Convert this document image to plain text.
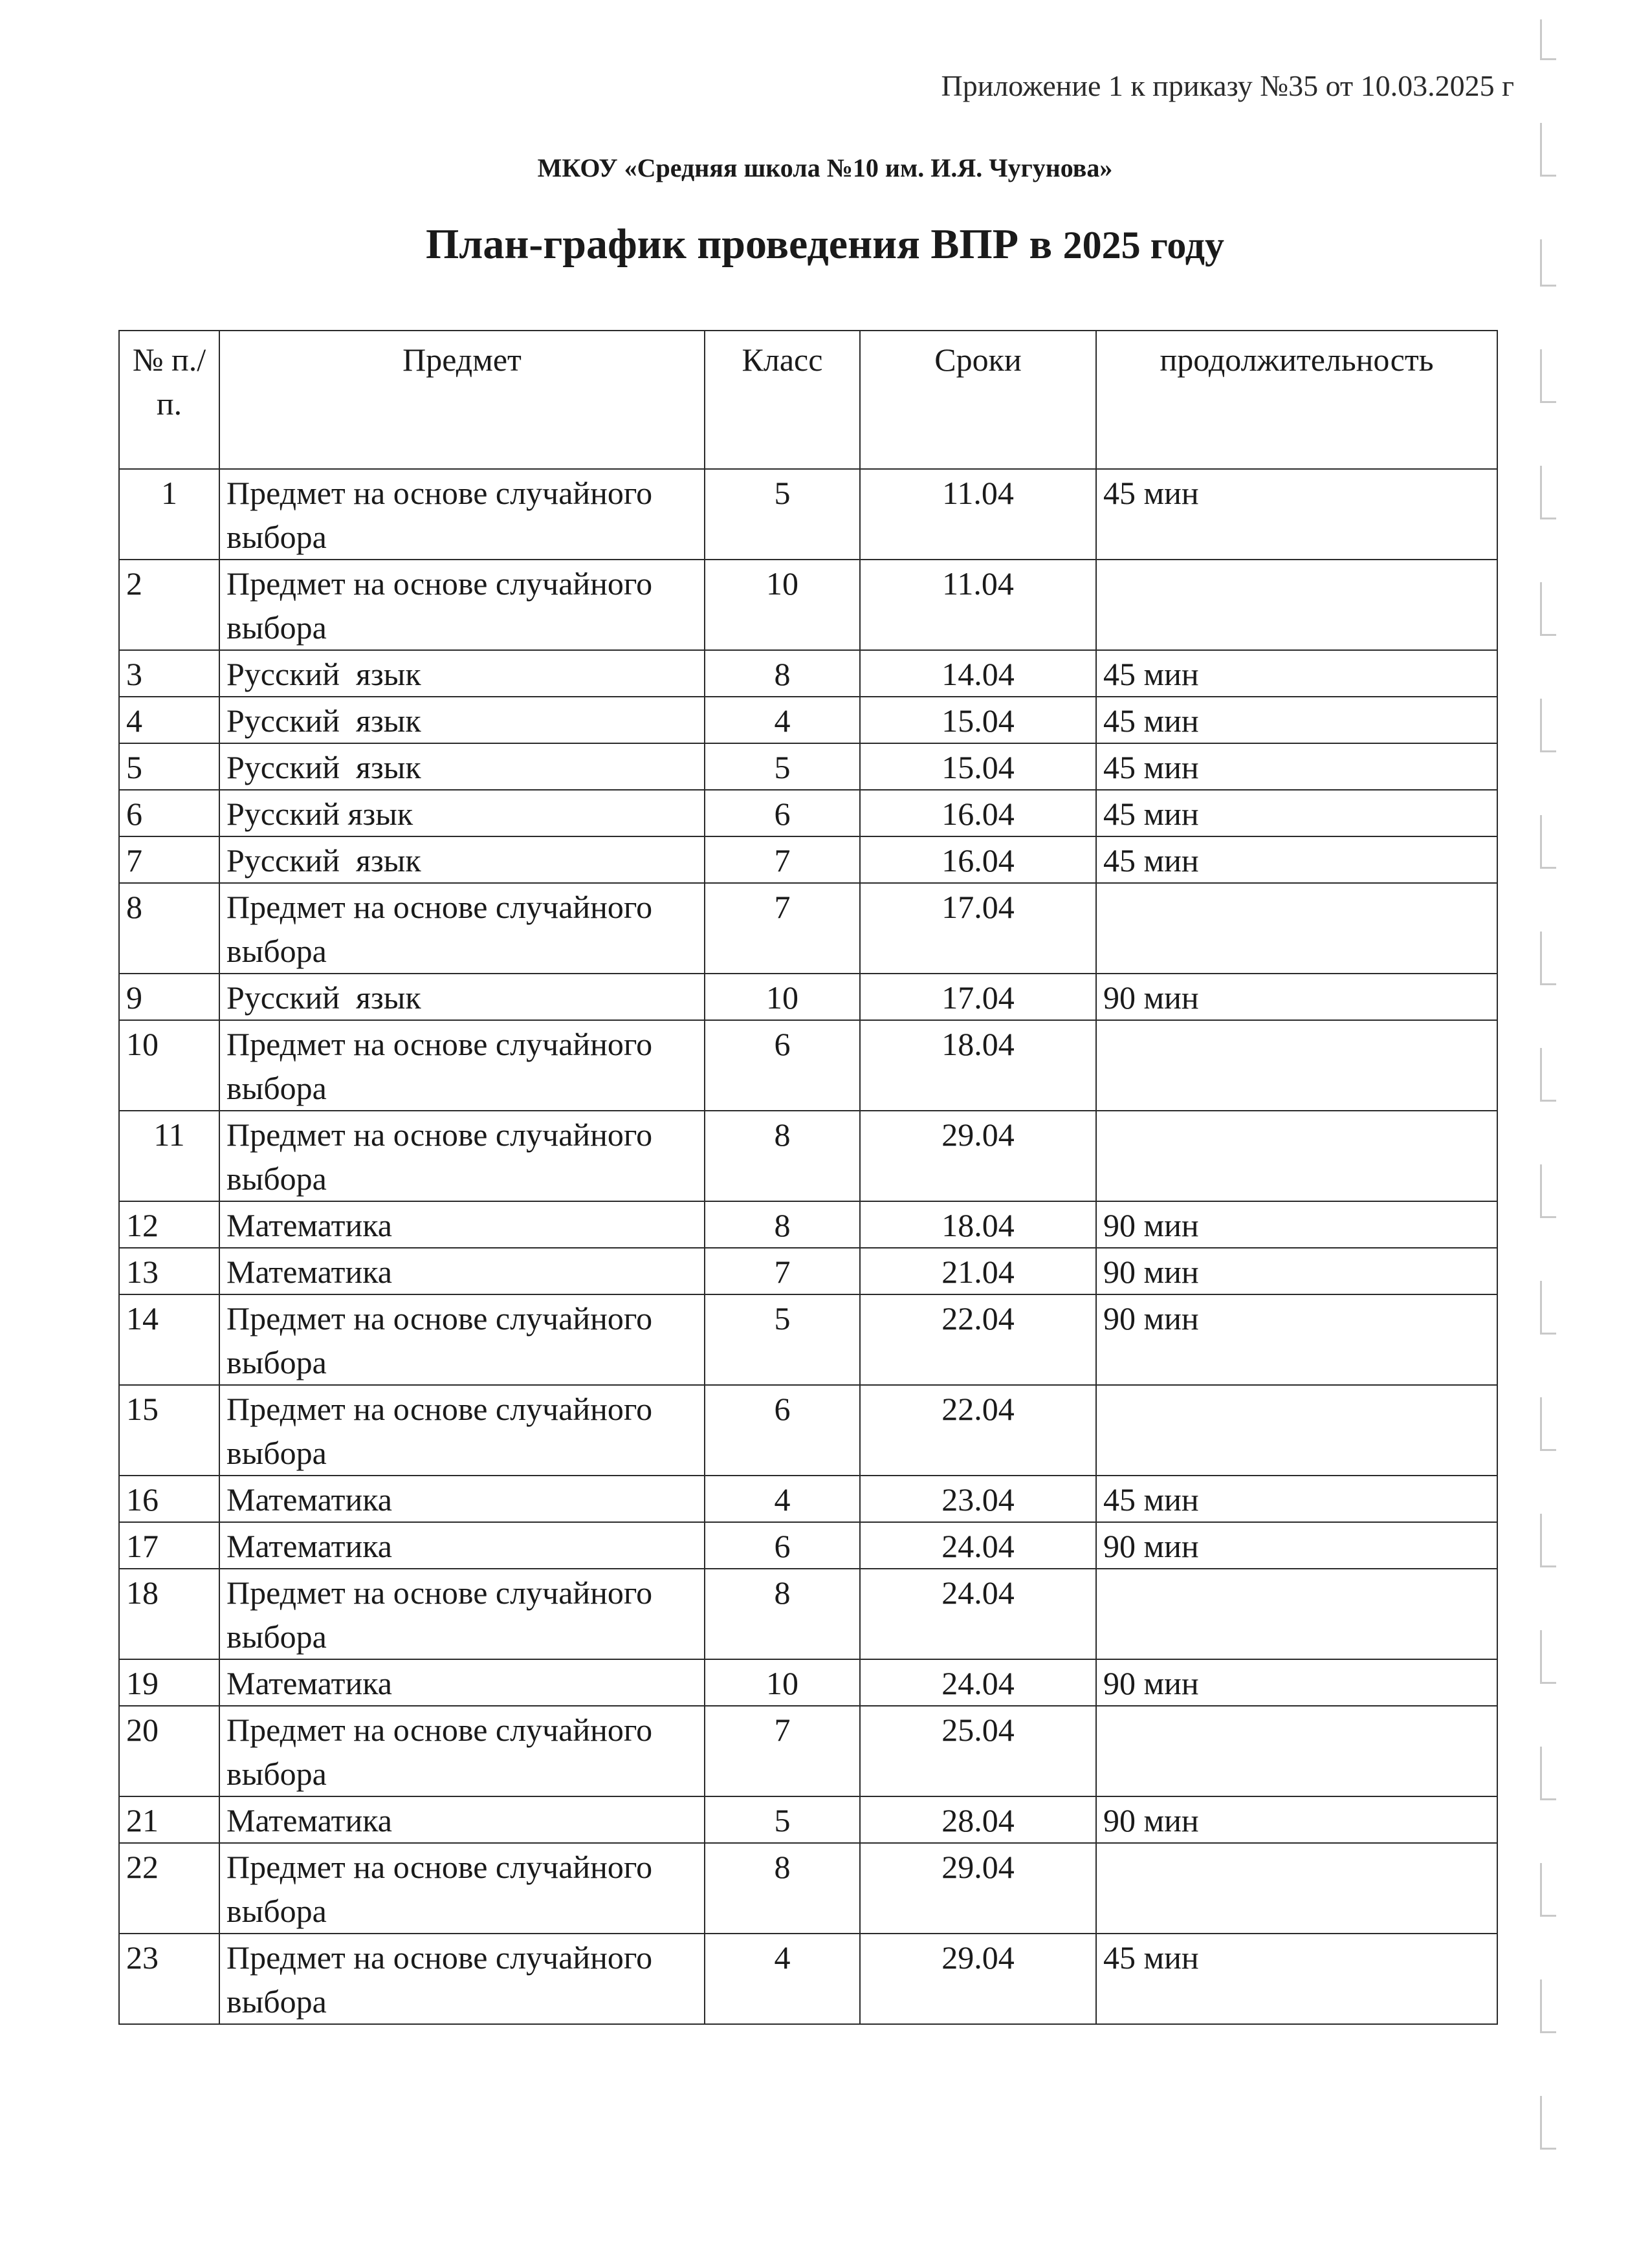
Приложение 1 к приказу №35 от 10.03.2025 г
МКОУ «Средняя школа №10 им. И.Я. Чугунова»
План-график проведения ВПР в 2025 году
№ п./п.	Предмет	Класс	Сроки	продолжительность
1	Предмет на основе случайного выбора	5	11.04	45 мин
2	Предмет на основе случайного выбора	10	11.04	
3	Русский  язык	8	14.04	45 мин
4	Русский  язык	4	15.04	45 мин
5	Русский  язык	5	15.04	45 мин
6	Русский язык	6	16.04	45 мин
7	Русский  язык	7	16.04	45 мин
8	Предмет на основе случайного выбора	7	17.04	
9	Русский  язык	10	17.04	90 мин
10	Предмет на основе случайного выбора	6	18.04	
11	Предмет на основе случайного выбора	8	29.04	
12	Математика	8	18.04	90 мин
13	Математика	7	21.04	90 мин
14	Предмет на основе случайного выбора	5	22.04	90 мин
15	Предмет на основе случайного выбора	6	22.04	
16	Математика	4	23.04	45 мин
17	Математика	6	24.04	90 мин
18	Предмет на основе случайного выбора	8	24.04	
19	Математика	10	24.04	90 мин
20	Предмет на основе случайного выбора	7	25.04	
21	Математика	5	28.04	90 мин
22	Предмет на основе случайного выбора	8	29.04	
23	Предмет на основе случайного выбора	4	29.04	45 мин
